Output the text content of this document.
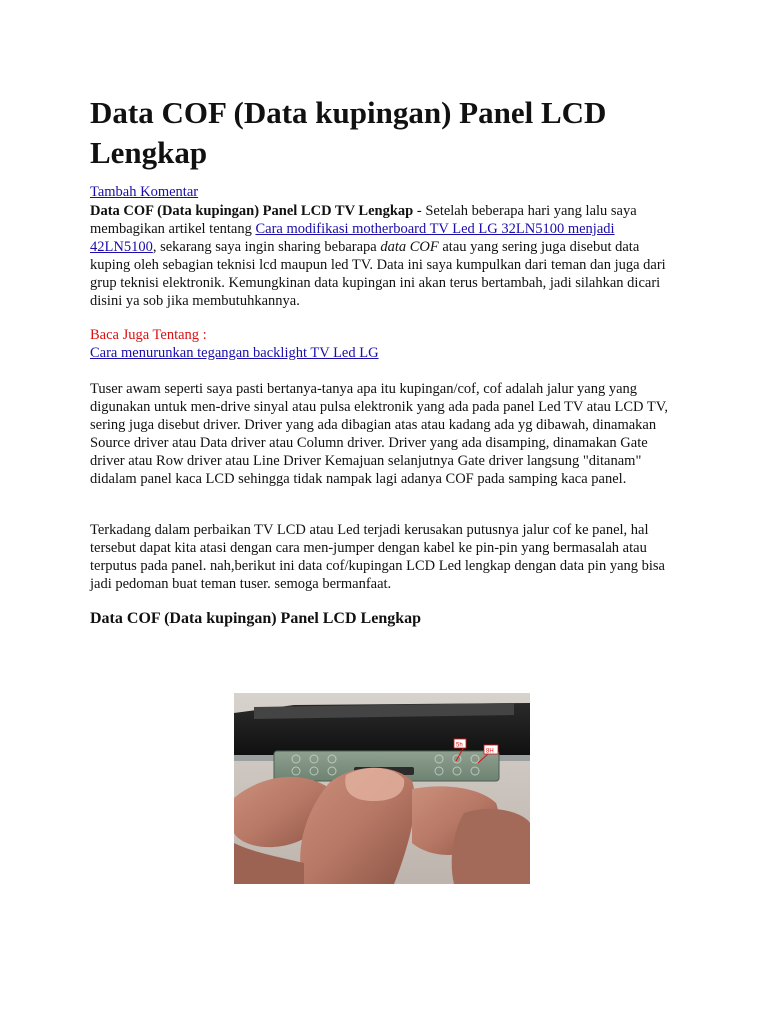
Data COF (Data kupingan) Panel LCD Lengkap
Tambah Komentar

Data COF (Data kupingan) Panel LCD TV Lengkap - Setelah beberapa hari yang lalu saya membagikan artikel tentang Cara modifikasi motherboard TV Led LG 32LN5100 menjadi 42LN5100, sekarang saya ingin sharing bebarapa data COF atau yang sering juga disebut data kuping oleh sebagian teknisi lcd maupun led TV. Data ini saya kumpulkan dari teman dan juga dari grup teknisi elektronik. Kemungkinan data kupingan ini akan terus bertambah, jadi silahkan dicari disini ya sob jika membutuhkannya.

Baca Juga Tentang :

Cara menurunkan tegangan backlight TV Led LG

Tuser awam seperti saya pasti bertanya-tanya apa itu kupingan/cof, cof adalah jalur yang yang digunakan untuk men-drive sinyal atau pulsa elektronik yang ada pada panel Led TV atau LCD TV, sering juga disebut driver. Driver yang ada dibagian atas atau kadang ada yg dibawah, dinamakan Source driver atau Data driver atau Column driver. Driver yang ada disamping, dinamakan Gate driver atau Row driver atau Line Driver Kemajuan selanjutnya Gate driver langsung "ditanam" didalam panel kaca LCD sehingga tidak nampak lagi adanya COF pada samping kaca panel.

Terkadang dalam perbaikan TV LCD atau Led terjadi kerusakan putusnya jalur cof ke panel, hal tersebut dapat kita atasi dengan cara men-jumper dengan kabel ke pin-pin yang bermasalah atau terputus pada panel. nah,berikut ini data cof/kupingan LCD Led lengkap dengan data pin yang bisa jadi pedoman buat teman tuser. semoga bermanfaat.

Data COF (Data kupingan) Panel LCD Lengkap
5h
8H
